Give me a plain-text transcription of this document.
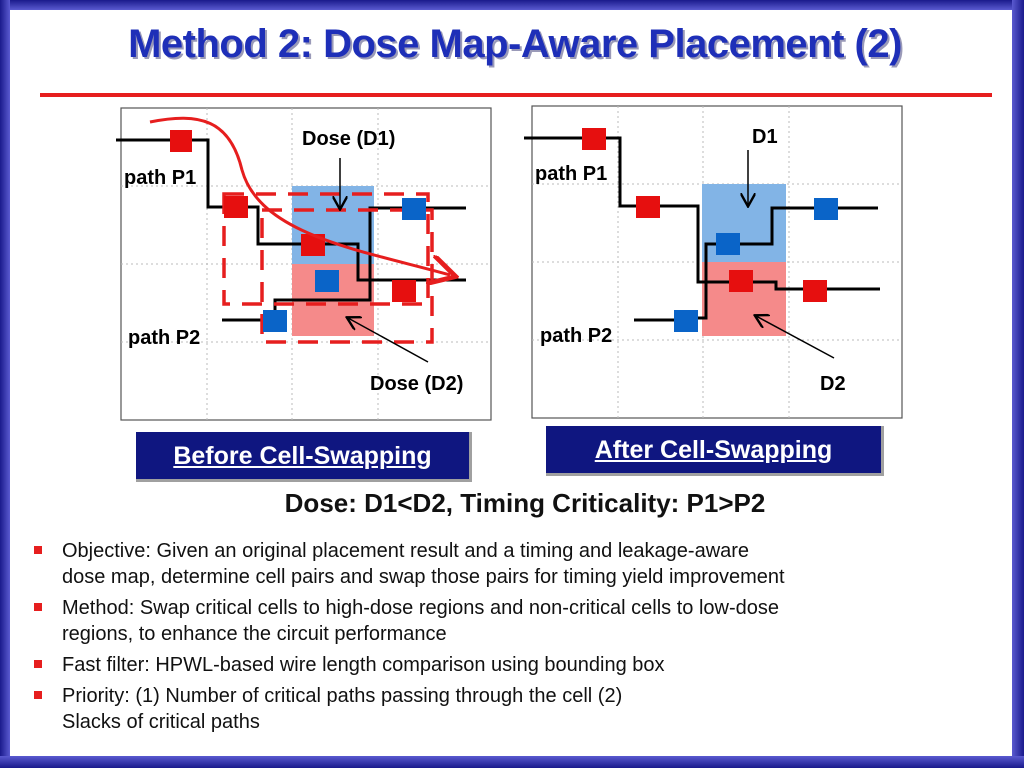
Method 2: Dose Map-Aware Placement (2)
Dose (D1)
Dose (D2)
path P1
path P2
D1
D2
path P1
path P2
Before Cell-Swapping	After Cell-Swapping
Dose: D1<D2, Timing Criticality: P1>P2
Objective: Given an original placement result and a timing and leakage-aware
dose map, determine cell pairs and swap those pairs for timing yield improvement
Method: Swap critical cells to high-dose regions and non-critical cells to low-dose
regions, to enhance the circuit performance
Fast filter: HPWL-based wire length comparison using bounding box
Priority: (1) Number of critical paths passing through the cell (2)
Slacks of critical paths
